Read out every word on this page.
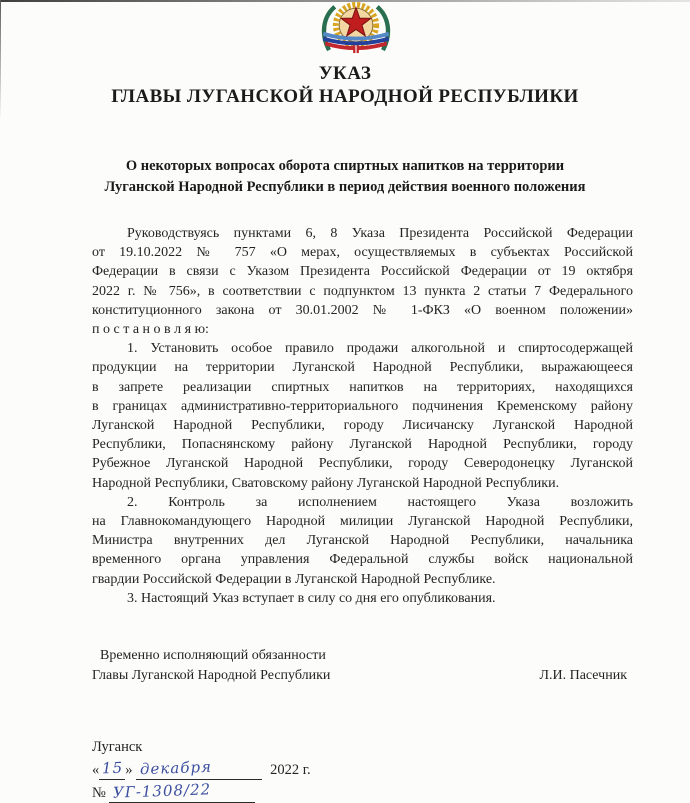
УКАЗ
ГЛАВЫ ЛУГАНСКОЙ НАРОДНОЙ РЕСПУБЛИКИ
О некоторых вопросах оборота спиртных напитков на территории
Луганской Народной Республики в период действия военного положения
Руководствуясь пунктами 6, 8 Указа Президента Российской Федерации
от 19.10.2022 № 757 «О мерах, осуществляемых в субъектах Российской
Федерации в связи с Указом Президента Российской Федерации от 19 октября
2022 г. № 756», в соответствии с подпунктом 13 пункта 2 статьи 7 Федерального
конституционного закона от 30.01.2002 № 1-ФКЗ «О военном положении»
п о с т а н о в л я ю:
1. Установить особое правило продажи алкогольной и спиртосодержащей
продукции на территории Луганской Народной Республики, выражающееся
в запрете реализации спиртных напитков на территориях, находящихся
в границах административно-территориального подчинения Кременскому району
Луганской Народной Республики, городу Лисичанску Луганской Народной
Республики, Попаснянскому району Луганской Народной Республики, городу
Рубежное Луганской Народной Республики, городу Северодонецку Луганской
Народной Республики, Сватовскому району Луганской Народной Республики.
2. Контроль за исполнением настоящего Указа возложить
на Главнокомандующего Народной милиции Луганской Народной Республики,
Министра внутренних дел Луганской Народной Республики, начальника
временного органа управления Федеральной службы войск национальной
гвардии Российской Федерации в Луганской Народной Республике.
3. Настоящий Указ вступает в силу со дня его опубликования.
Временно исполняющий обязанности
Главы Луганской Народной Республики	Л.И. Пасечник
Луганск
« 15 » декабря	2022 г.
№ УГ-1308/22
